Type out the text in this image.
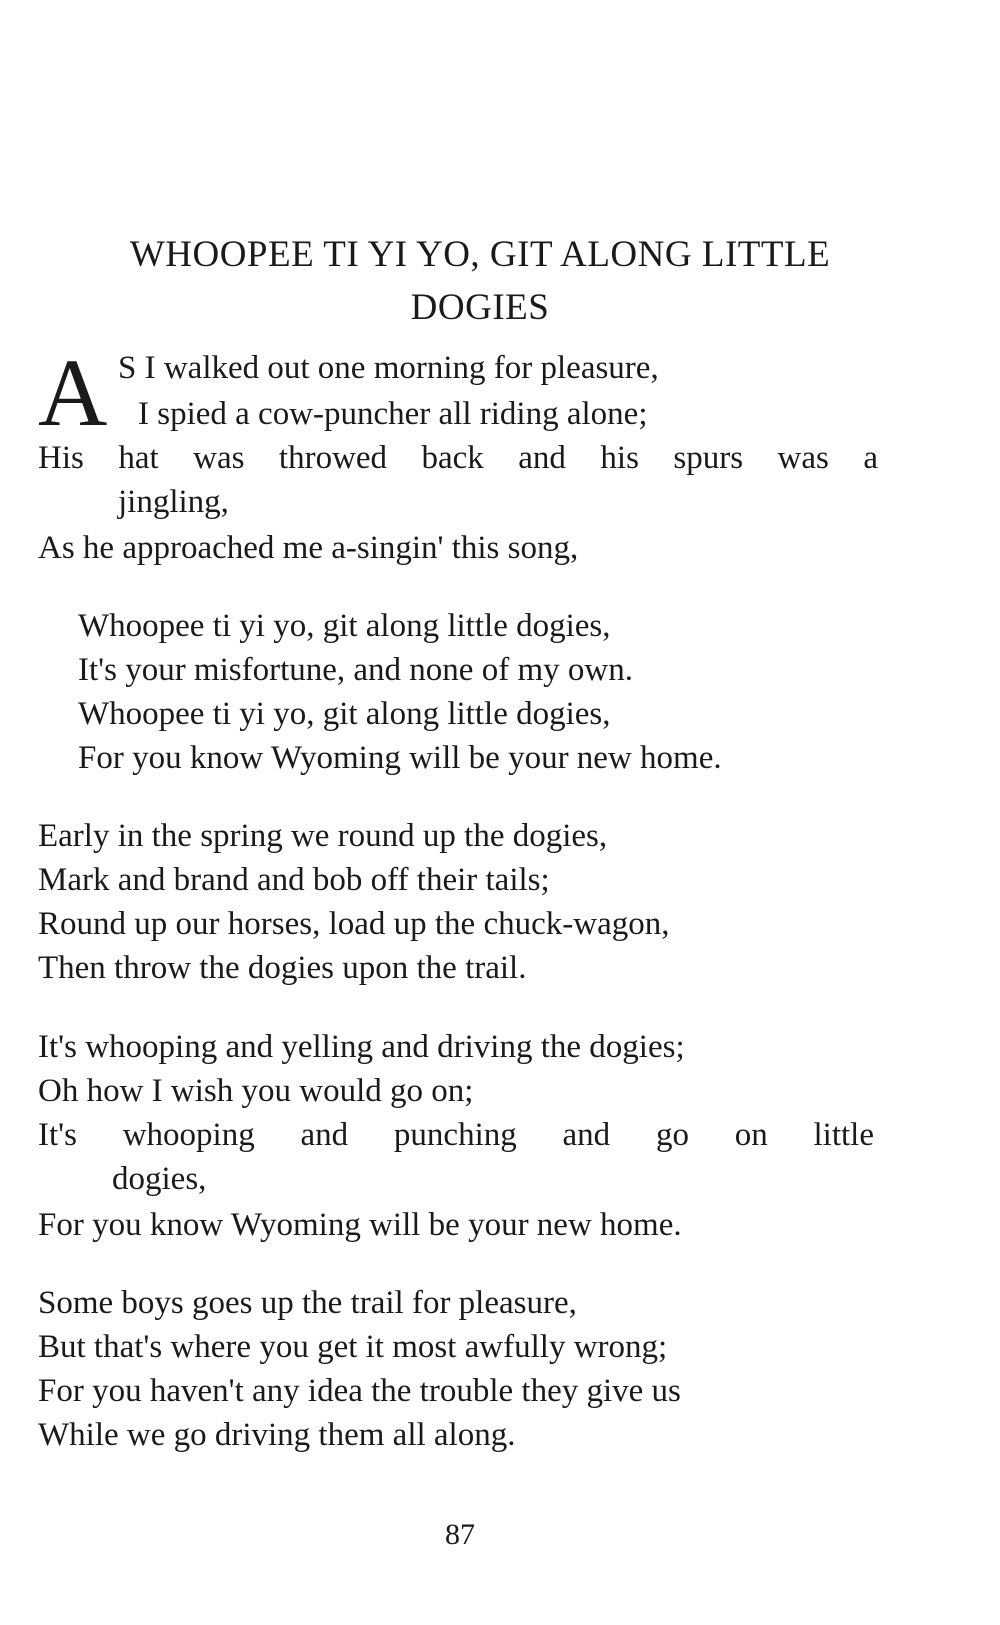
WHOOPEE TI YI YO, GIT ALONG LITTLE
DOGIES
A S I walked out one morning for pleasure,
I spied a cow-puncher all riding alone;
His hat was throwed back and his spurs was a
jingling,
As he approached me a-singin' this song,
Whoopee ti yi yo, git along little dogies,
It's your misfortune, and none of my own.
Whoopee ti yi yo, git along little dogies,
For you know Wyoming will be your new home.
Early in the spring we round up the dogies,
Mark and brand and bob off their tails;
Round up our horses, load up the chuck-wagon,
Then throw the dogies upon the trail.
It's whooping and yelling and driving the dogies;
Oh how I wish you would go on;
It's whooping and punching and go on little
dogies,
For you know Wyoming will be your new home.
Some boys goes up the trail for pleasure,
But that's where you get it most awfully wrong;
For you haven't any idea the trouble they give us
While we go driving them all along.
87
